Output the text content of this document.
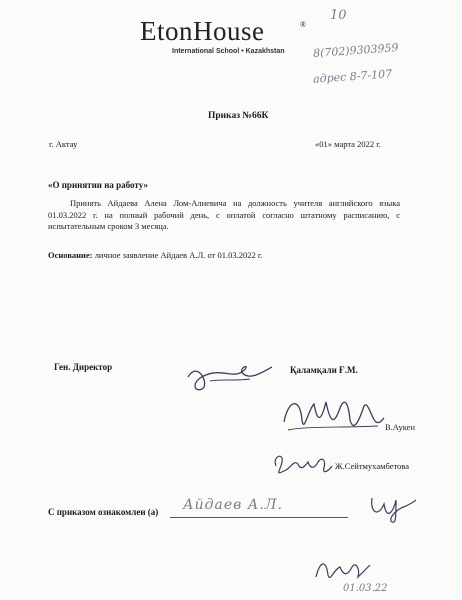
EtonHouse	®
International School • Kazakhstan
10
8(702)9303959
адрес 8-7-107
Приказ №66К
г. Актау	«01» марта 2022 г.
«О принятии на работу»
Принять Айдаева Алена Лом-Алиевича на должность учителя английского языка 01.03.2022 г. на полный рабочий день, с оплатой согласно штатному расписанию, с испытательным сроком 3 месяца.
Основание: личное заявление Айдаев А.Л. от 01.03.2022 г.
Ген. Директор	Қаламқали Ғ.М.
В.Аукен
Ж.Сейтмухамбетова
С приказом ознакомлен (а) Айдаев А.Л.
01.03.22
